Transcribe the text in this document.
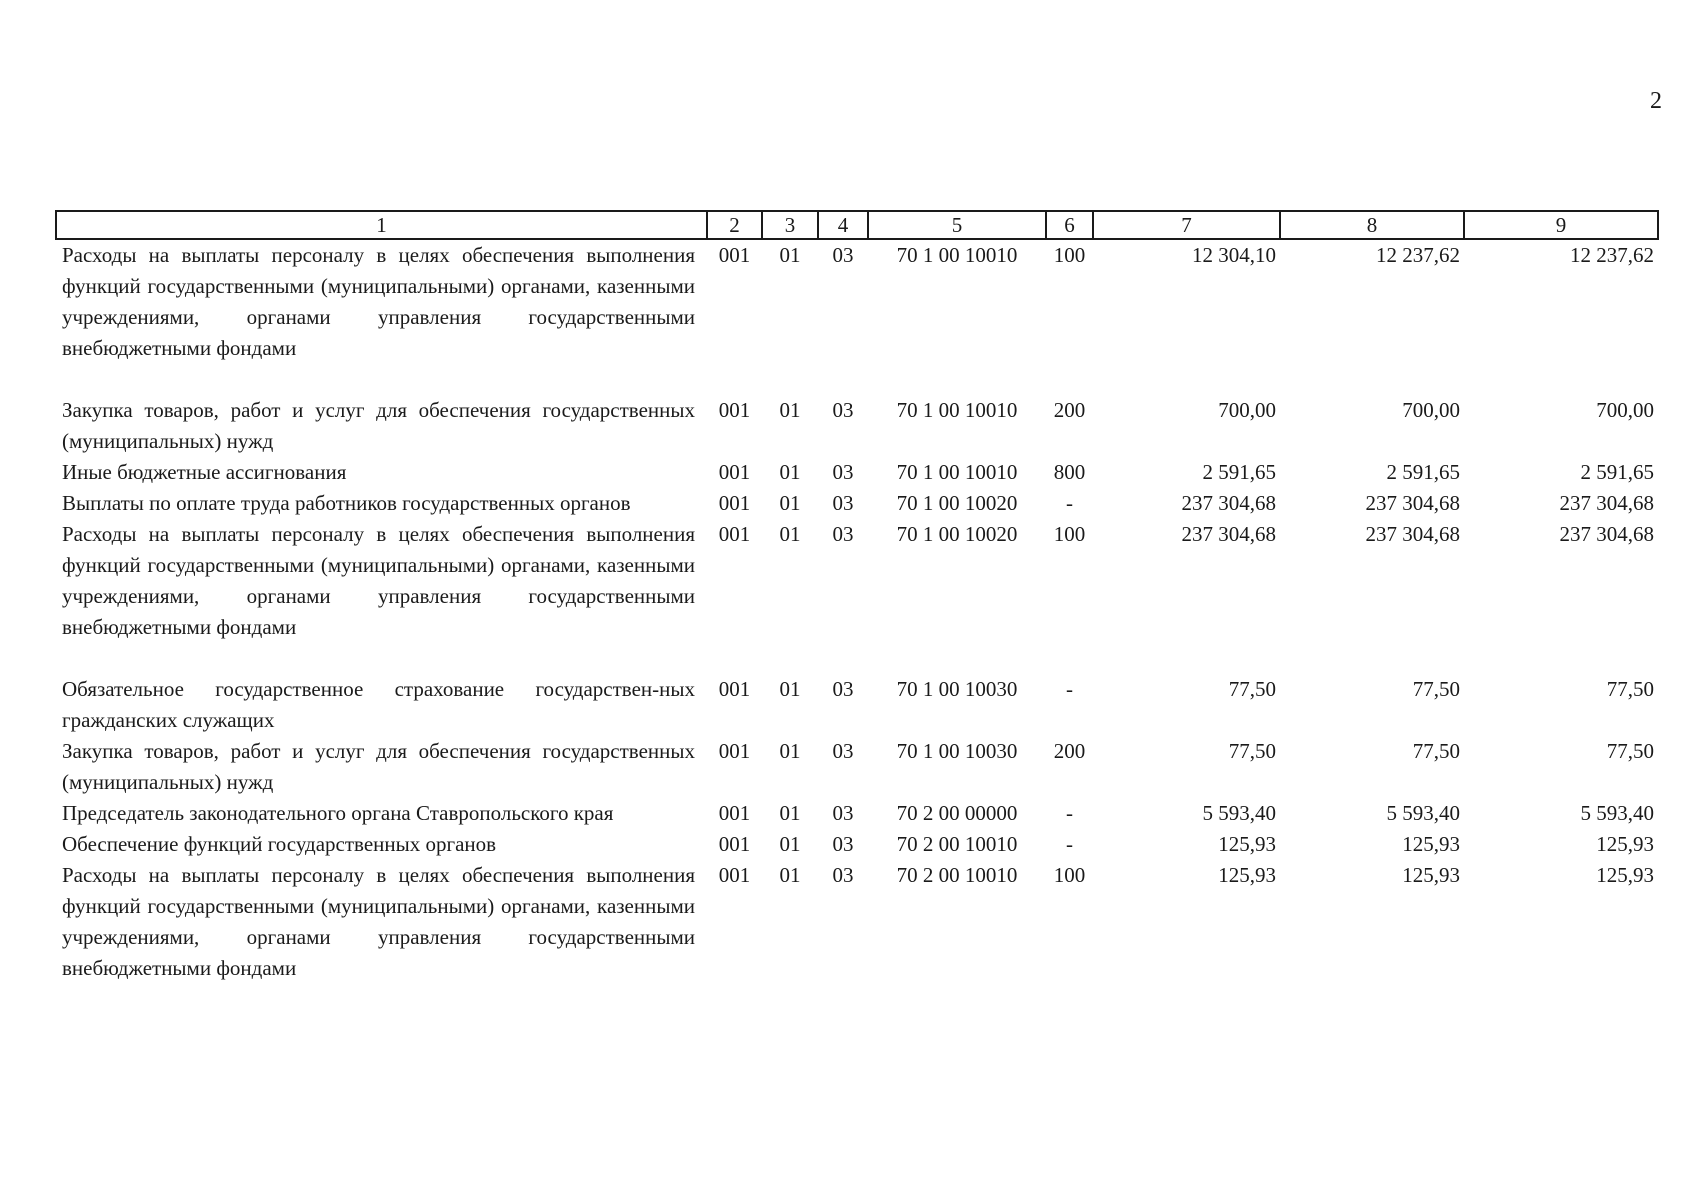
2
1	2	3	4	5	6	7	8	9
Расходы на выплаты персоналу в целях обеспечения выполнения функций государственными (муниципальными) органами, казенными учреждениями, органами управления государственными внебюджетными фондами	001	01	03	70 1 00 10010	100	12 304,10	12 237,62	12 237,62
Закупка товаров, работ и услуг для обеспечения государственных (муниципальных) нужд	001	01	03	70 1 00 10010	200	700,00	700,00	700,00
Иные бюджетные ассигнования	001	01	03	70 1 00 10010	800	2 591,65	2 591,65	2 591,65
Выплаты по оплате труда работников государственных органов	001	01	03	70 1 00 10020	-	237 304,68	237 304,68	237 304,68
Расходы на выплаты персоналу в целях обеспечения выполнения функций государственными (муниципальными) органами, казенными учреждениями, органами управления государственными внебюджетными фондами	001	01	03	70 1 00 10020	100	237 304,68	237 304,68	237 304,68
Обязательное государственное страхование государствен-ных гражданских служащих	001	01	03	70 1 00 10030	-	77,50	77,50	77,50
Закупка товаров, работ и услуг для обеспечения государственных (муниципальных) нужд	001	01	03	70 1 00 10030	200	77,50	77,50	77,50
Председатель законодательного органа Ставропольского края	001	01	03	70 2 00 00000	-	5 593,40	5 593,40	5 593,40
Обеспечение функций государственных органов	001	01	03	70 2 00 10010	-	125,93	125,93	125,93
Расходы на выплаты персоналу в целях обеспечения выполнения функций государственными (муниципальными) органами, казенными учреждениями, органами управления государственными внебюджетными фондами	001	01	03	70 2 00 10010	100	125,93	125,93	125,93
